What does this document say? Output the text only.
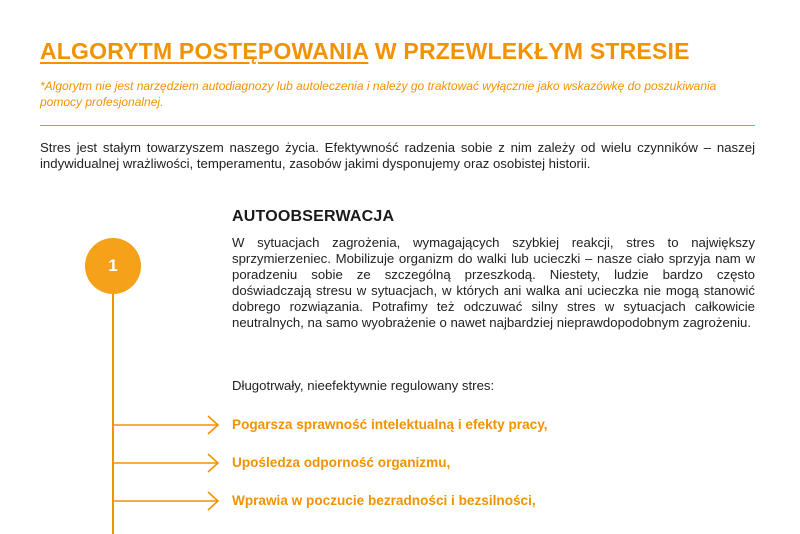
ALGORYTM POSTĘPOWANIA W PRZEWLEKŁYM STRESIE
*Algorytm nie jest narzędziem autodiagnozy lub autoleczenia i należy go traktować wyłącznie jako wskazówkę do poszukiwania pomocy profesjonalnej.
Stres jest stałym towarzyszem naszego życia. Efektywność radzenia sobie z nim zależy od wielu czynników – naszej indywidualnej wrażliwości, temperamentu, zasobów jakimi dysponujemy oraz osobistej historii.
1
AUTOOBSERWACJA
W sytuacjach zagrożenia, wymagających szybkiej reakcji, stres to największy sprzymierzeniec. Mobilizuje organizm do walki lub ucieczki – nasze ciało sprzyja nam w poradzeniu sobie ze szczególną przeszkodą. Niestety, ludzie bardzo często doświadczają stresu w sytuacjach, w których ani walka ani ucieczka nie mogą stanowić dobrego rozwiązania. Potrafimy też odczuwać silny stres w sytuacjach całkowicie neutralnych, na samo wyobrażenie o nawet najbardziej nieprawdopodobnym zagrożeniu.
Długotrwały, nieefektywnie regulowany stres:
Pogarsza sprawność intelektualną i efekty pracy,
Upośledza odporność organizmu,
Wprawia w poczucie bezradności i bezsilności,
